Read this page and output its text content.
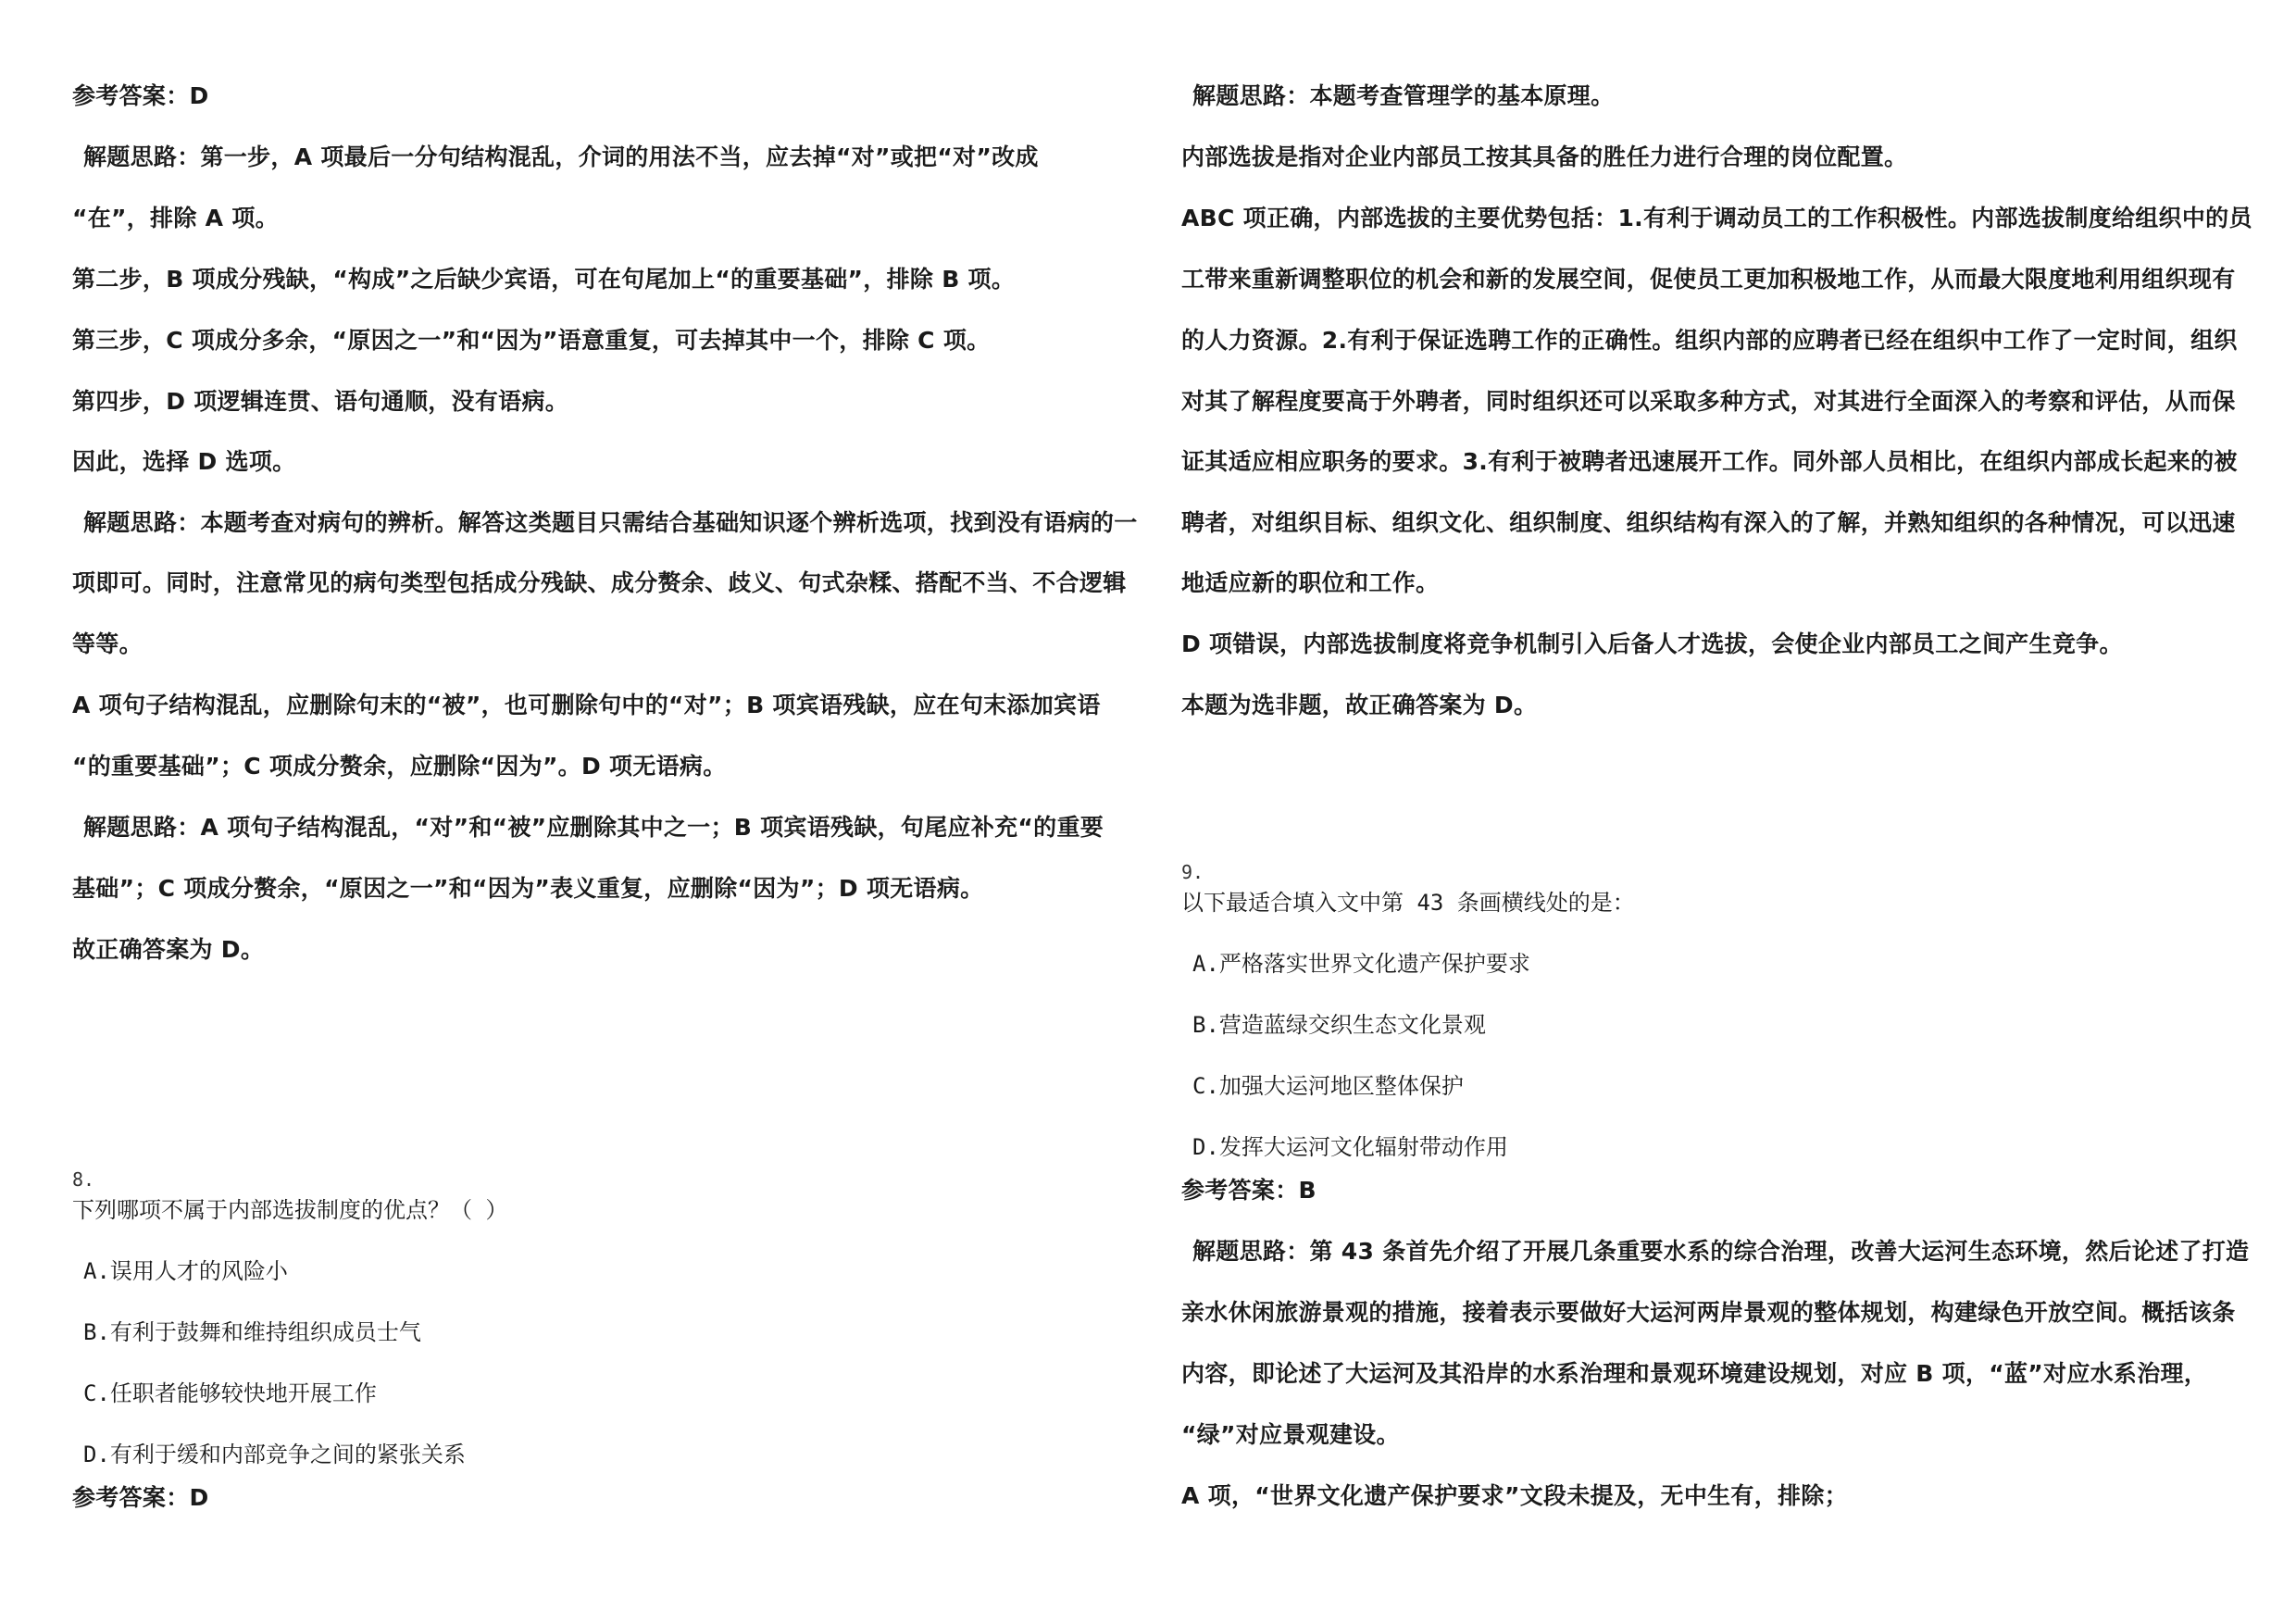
参考答案：D
解题思路：第一步，A 项最后一分句结构混乱，介词的用法不当，应去掉“对”或把“对”改成
“在”，排除 A 项。
第二步，B 项成分残缺，“构成”之后缺少宾语，可在句尾加上“的重要基础”，排除 B 项。
第三步，C 项成分多余，“原因之一”和“因为”语意重复，可去掉其中一个，排除 C 项。
第四步，D 项逻辑连贯、语句通顺，没有语病。
因此，选择 D 选项。
解题思路：本题考查对病句的辨析。解答这类题目只需结合基础知识逐个辨析选项，找到没有语病的一
项即可。同时，注意常见的病句类型包括成分残缺、成分赘余、歧义、句式杂糅、搭配不当、不合逻辑
等等。
A 项句子结构混乱，应删除句末的“被”，也可删除句中的“对”；B 项宾语残缺，应在句末添加宾语
“的重要基础”；C 项成分赘余，应删除“因为”。D 项无语病。
解题思路：A 项句子结构混乱，“对”和“被”应删除其中之一；B 项宾语残缺，句尾应补充“的重要
基础”；C 项成分赘余，“原因之一”和“因为”表义重复，应删除“因为”；D 项无语病。
故正确答案为 D。
8.
下列哪项不属于内部选拔制度的优点？（ ）
A.误用人才的风险小
B.有利于鼓舞和维持组织成员士气
C.任职者能够较快地开展工作
D.有利于缓和内部竞争之间的紧张关系
参考答案：D
解题思路：本题考查管理学的基本原理。
内部选拔是指对企业内部员工按其具备的胜任力进行合理的岗位配置。
ABC 项正确，内部选拔的主要优势包括：1.有利于调动员工的工作积极性。内部选拔制度给组织中的员
工带来重新调整职位的机会和新的发展空间，促使员工更加积极地工作，从而最大限度地利用组织现有
的人力资源。2.有利于保证选聘工作的正确性。组织内部的应聘者已经在组织中工作了一定时间，组织
对其了解程度要高于外聘者，同时组织还可以采取多种方式，对其进行全面深入的考察和评估，从而保
证其适应相应职务的要求。3.有利于被聘者迅速展开工作。同外部人员相比，在组织内部成长起来的被
聘者，对组织目标、组织文化、组织制度、组织结构有深入的了解，并熟知组织的各种情况，可以迅速
地适应新的职位和工作。
D 项错误，内部选拔制度将竞争机制引入后备人才选拔，会使企业内部员工之间产生竞争。
本题为选非题，故正确答案为 D。
9.
以下最适合填入文中第 43 条画横线处的是：
A.严格落实世界文化遗产保护要求
B.营造蓝绿交织生态文化景观
C.加强大运河地区整体保护
D.发挥大运河文化辐射带动作用
参考答案：B
解题思路：第 43 条首先介绍了开展几条重要水系的综合治理，改善大运河生态环境，然后论述了打造
亲水休闲旅游景观的措施，接着表示要做好大运河两岸景观的整体规划，构建绿色开放空间。概括该条
内容，即论述了大运河及其沿岸的水系治理和景观环境建设规划，对应 B 项，“蓝”对应水系治理，
“绿”对应景观建设。
A 项，“世界文化遗产保护要求”文段未提及，无中生有，排除；
